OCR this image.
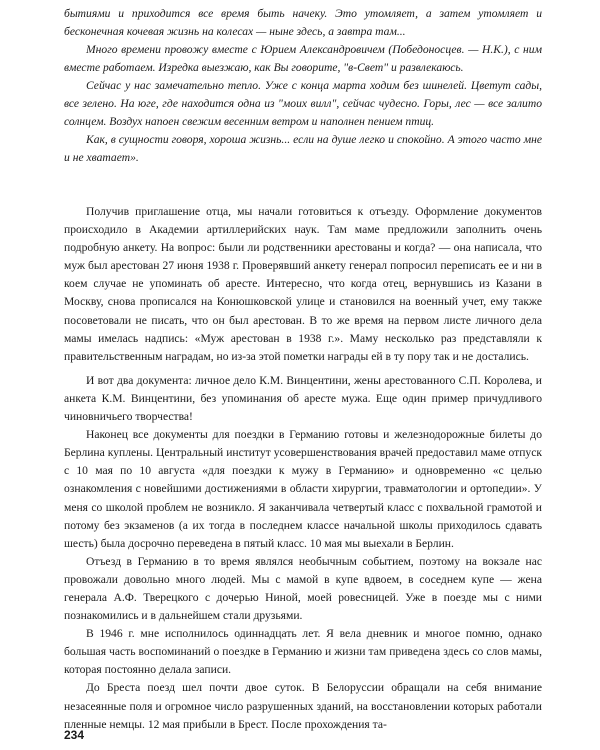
бытиями и приходится все время быть начеку. Это утомляет, а затем утомляет и бесконечная кочевая жизнь на колесах — ныне здесь, а завтра там...

Много времени провожу вместе с Юрием Александровичем (Победоносцев. — Н.К.), с ним вместе работаем. Изредка выезжаю, как Вы говорите, "в-Свет" и развлекаюсь.

Сейчас у нас замечательно тепло. Уже с конца марта ходим без шинелей. Цветут сады, все зелено. На юге, где находится одна из "моих вилл", сейчас чудесно. Горы, лес — все залито солнцем. Воздух напоен свежим весенним ветром и наполнен пением птиц.

Как, в сущности говоря, хороша жизнь... если на душе легко и спокойно. А этого часто мне и не хватает».

Получив приглашение отца, мы начали готовиться к отъезду. Оформление документов происходило в Академии артиллерийских наук. Там маме предложили заполнить очень подробную анкету. На вопрос: были ли родственники арестованы и когда? — она написала, что муж был арестован 27 июня 1938 г. Проверявший анкету генерал попросил переписать ее и ни в коем случае не упоминать об аресте. Интересно, что когда отец, вернувшись из Казани в Москву, снова прописался на Конюшковской улице и становился на военный учет, ему также посоветовали не писать, что он был арестован. В то же время на первом листе личного дела мамы имелась надпись: «Муж арестован в 1938 г.». Маму несколько раз представляли к правительственным наградам, но из-за этой пометки награды ей в ту пору так и не достались.

И вот два документа: личное дело К.М. Винцентини, жены арестованного С.П. Королева, и анкета К.М. Винцентини, без упоминания об аресте мужа. Еще один пример причудливого чиновничьего творчества!

Наконец все документы для поездки в Германию готовы и железнодорожные билеты до Берлина куплены. Центральный институт усовершенствования врачей предоставил маме отпуск с 10 мая по 10 августа «для поездки к мужу в Германию» и одновременно «с целью ознакомления с новейшими достижениями в области хирургии, травматологии и ортопедии». У меня со школой проблем не возникло. Я заканчивала четвертый класс с похвальной грамотой и потому без экзаменов (а их тогда в последнем классе начальной школы приходилось сдавать шесть) была досрочно переведена в пятый класс. 10 мая мы выехали в Берлин.

Отъезд в Германию в то время являлся необычным событием, поэтому на вокзале нас провожали довольно много людей. Мы с мамой в купе вдвоем, в соседнем купе — жена генерала А.Ф. Тверецкого с дочерью Ниной, моей ровесницей. Уже в поезде мы с ними познакомились и в дальнейшем стали друзьями.

В 1946 г. мне исполнилось одиннадцать лет. Я вела дневник и многое помню, однако большая часть воспоминаний о поездке в Германию и жизни там приведена здесь со слов мамы, которая постоянно делала записи.

До Бреста поезд шел почти двое суток. В Белоруссии обращали на себя внимание незасеянные поля и огромное число разрушенных зданий, на восстановлении которых работали пленные немцы. 12 мая прибыли в Брест. После прохождения та-

234
